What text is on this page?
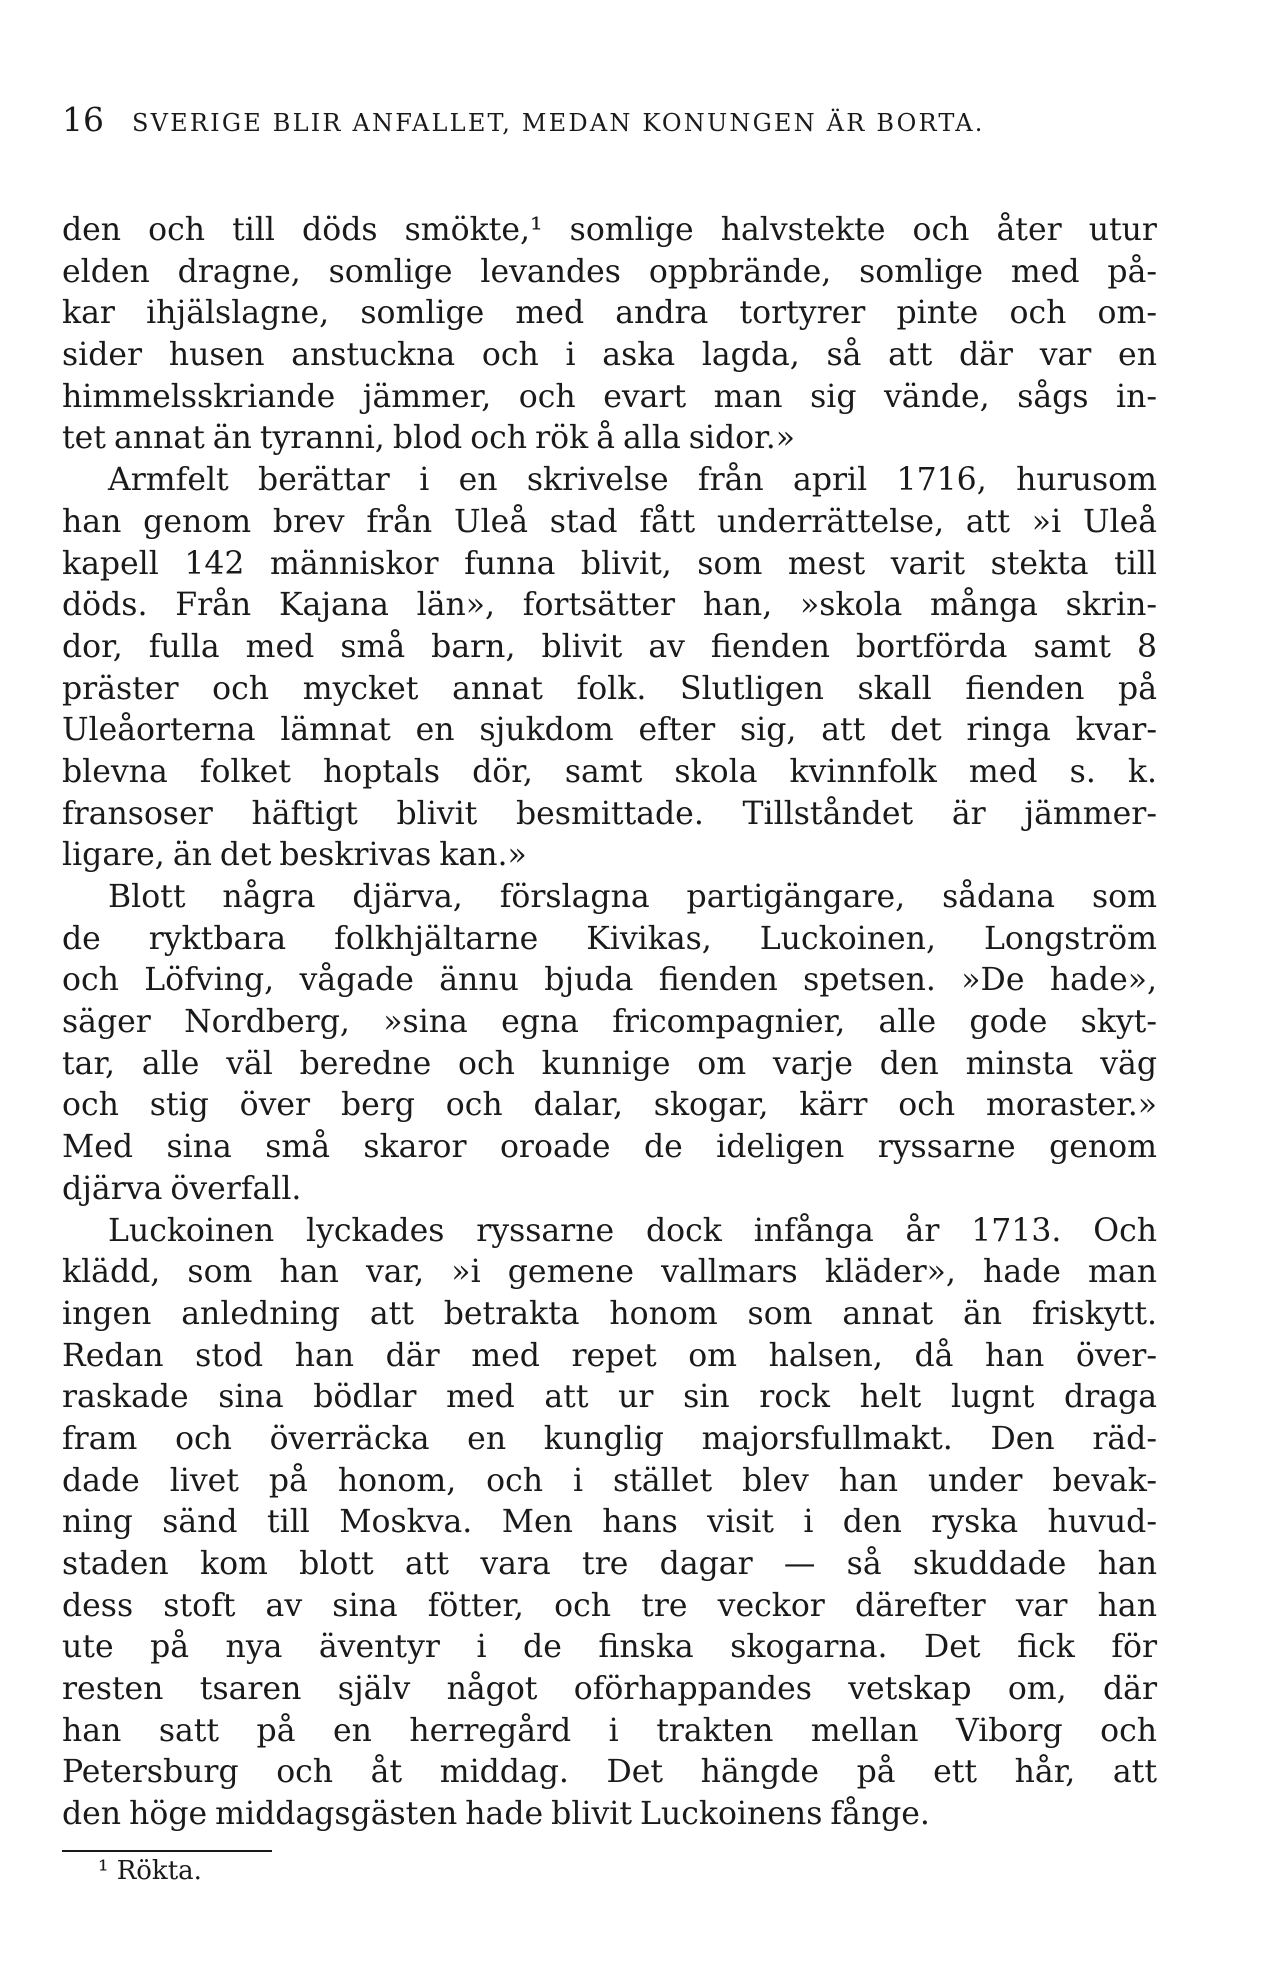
16 SVERIGE BLIR ANFALLET, MEDAN KONUNGEN ÄR BORTA.
den och till döds smökte,¹ somlige halvstekte och åter utur
elden dragne, somlige levandes oppbrände, somlige med på-
kar ihjälslagne, somlige med andra tortyrer pinte och om-
sider husen anstuckna och i aska lagda, så att där var en
himmelsskriande jämmer, och evart man sig vände, sågs in-
tet annat än tyranni, blod och rök å alla sidor.»
Armfelt berättar i en skrivelse från april 1716, hurusom
han genom brev från Uleå stad fått underrättelse, att »i Uleå
kapell 142 människor funna blivit, som mest varit stekta till
döds. Från Kajana län», fortsätter han, »skola många skrin-
dor, fulla med små barn, blivit av fienden bortförda samt 8
präster och mycket annat folk. Slutligen skall fienden på
Uleåorterna lämnat en sjukdom efter sig, att det ringa kvar-
blevna folket hoptals dör, samt skola kvinnfolk med s. k.
fransoser häftigt blivit besmittade. Tillståndet är jämmer-
ligare, än det beskrivas kan.»
Blott några djärva, förslagna partigängare, sådana som
de ryktbara folkhjältarne Kivikas, Luckoinen, Longström
och Löfving, vågade ännu bjuda fienden spetsen. »De hade»,
säger Nordberg, »sina egna fricompagnier, alle gode skyt-
tar, alle väl beredne och kunnige om varje den minsta väg
och stig över berg och dalar, skogar, kärr och moraster.»
Med sina små skaror oroade de ideligen ryssarne genom
djärva överfall.
Luckoinen lyckades ryssarne dock infånga år 1713. Och
klädd, som han var, »i gemene vallmars kläder», hade man
ingen anledning att betrakta honom som annat än friskytt.
Redan stod han där med repet om halsen, då han över-
raskade sina bödlar med att ur sin rock helt lugnt draga
fram och överräcka en kunglig majorsfullmakt. Den räd-
dade livet på honom, och i stället blev han under bevak-
ning sänd till Moskva. Men hans visit i den ryska huvud-
staden kom blott att vara tre dagar — så skuddade han
dess stoft av sina fötter, och tre veckor därefter var han
ute på nya äventyr i de finska skogarna. Det fick för
resten tsaren själv något oförhappandes vetskap om, där
han satt på en herregård i trakten mellan Viborg och
Petersburg och åt middag. Det hängde på ett hår, att
den höge middagsgästen hade blivit Luckoinens fånge.
¹ Rökta.
